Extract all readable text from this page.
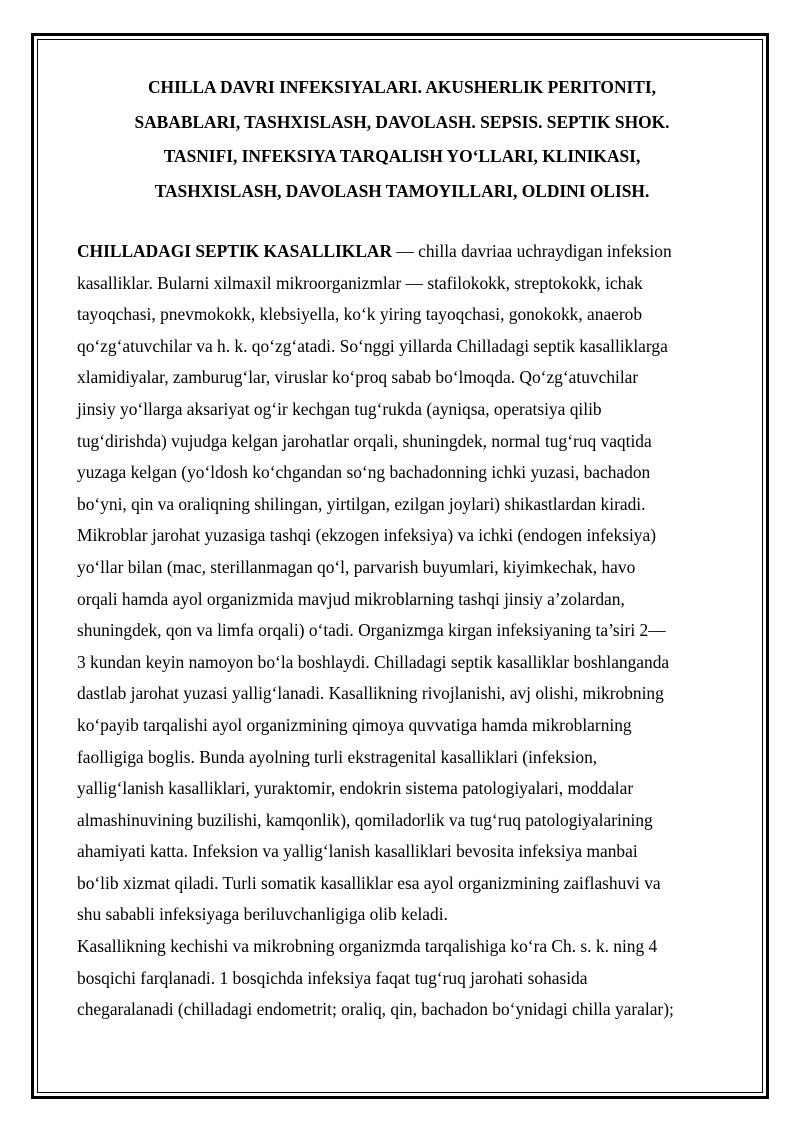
CHILLA DAVRI INFEKSIYALARI. AKUSHERLIK PERITONITI,
SABABLARI, TASHXISLASH, DAVOLASH. SEPSIS. SEPTIK SHOK.
TASNIFI, INFEKSIYA TARQALISH YO‘LLARI, KLINIKASI,
TASHXISLASH, DAVOLASH TAMOYILLARI, OLDINI OLISH.
CHILLADAGI SEPTIK KASALLIKLAR — chilla davriaa uchraydigan infeksion
kasalliklar. Bularni xilmaxil mikroorganizmlar — stafilokokk, streptokokk, ichak
tayoqchasi, pnevmokokk, klebsiyella, ko‘k yiring tayoqchasi, gonokokk, anaerob
qo‘zg‘atuvchilar va h. k. qo‘zg‘atadi. So‘nggi yillarda Chilladagi septik kasalliklarga
xlamidiyalar, zamburug‘lar, viruslar ko‘proq sabab bo‘lmoqda. Qo‘zg‘atuvchilar
jinsiy yo‘llarga aksariyat og‘ir kechgan tug‘rukda (ayniqsa, operatsiya qilib
tug‘dirishda) vujudga kelgan jarohatlar orqali, shuningdek, normal tug‘ruq vaqtida
yuzaga kelgan (yo‘ldosh ko‘chgandan so‘ng bachadonning ichki yuzasi, bachadon
bo‘yni, qin va oraliqning shilingan, yirtilgan, ezilgan joylari) shikastlardan kiradi.
Mikroblar jarohat yuzasiga tashqi (ekzogen infeksiya) va ichki (endogen infeksiya)
yo‘llar bilan (mac, sterillanmagan qo‘l, parvarish buyumlari, kiyimkechak, havo
orqali hamda ayol organizmida mavjud mikroblarning tashqi jinsiy a’zolardan,
shuningdek, qon va limfa orqali) o‘tadi. Organizmga kirgan infeksiyaning ta’siri 2—
3 kundan keyin namoyon bo‘la boshlaydi. Chilladagi septik kasalliklar boshlanganda
dastlab jarohat yuzasi yallig‘lanadi. Kasallikning rivojlanishi, avj olishi, mikrobning
ko‘payib tarqalishi ayol organizmining qimoya quvvatiga hamda mikroblarning
faolligiga boglis. Bunda ayolning turli ekstragenital kasalliklari (infeksion,
yallig‘lanish kasalliklari, yuraktomir, endokrin sistema patologiyalari, moddalar
almashinuvining buzilishi, kamqonlik), qomiladorlik va tug‘ruq patologiyalarining
ahamiyati katta. Infeksion va yallig‘lanish kasalliklari bevosita infeksiya manbai
bo‘lib xizmat qiladi. Turli somatik kasalliklar esa ayol organizmining zaiflashuvi va
shu sababli infeksiyaga beriluvchanligiga olib keladi.
Kasallikning kechishi va mikrobning organizmda tarqalishiga ko‘ra Ch. s. k. ning 4
bosqichi farqlanadi. 1 bosqichda infeksiya faqat tug‘ruq jarohati sohasida
chegaralanadi (chilladagi endometrit; oraliq, qin, bachadon bo‘ynidagi chilla yaralar);
